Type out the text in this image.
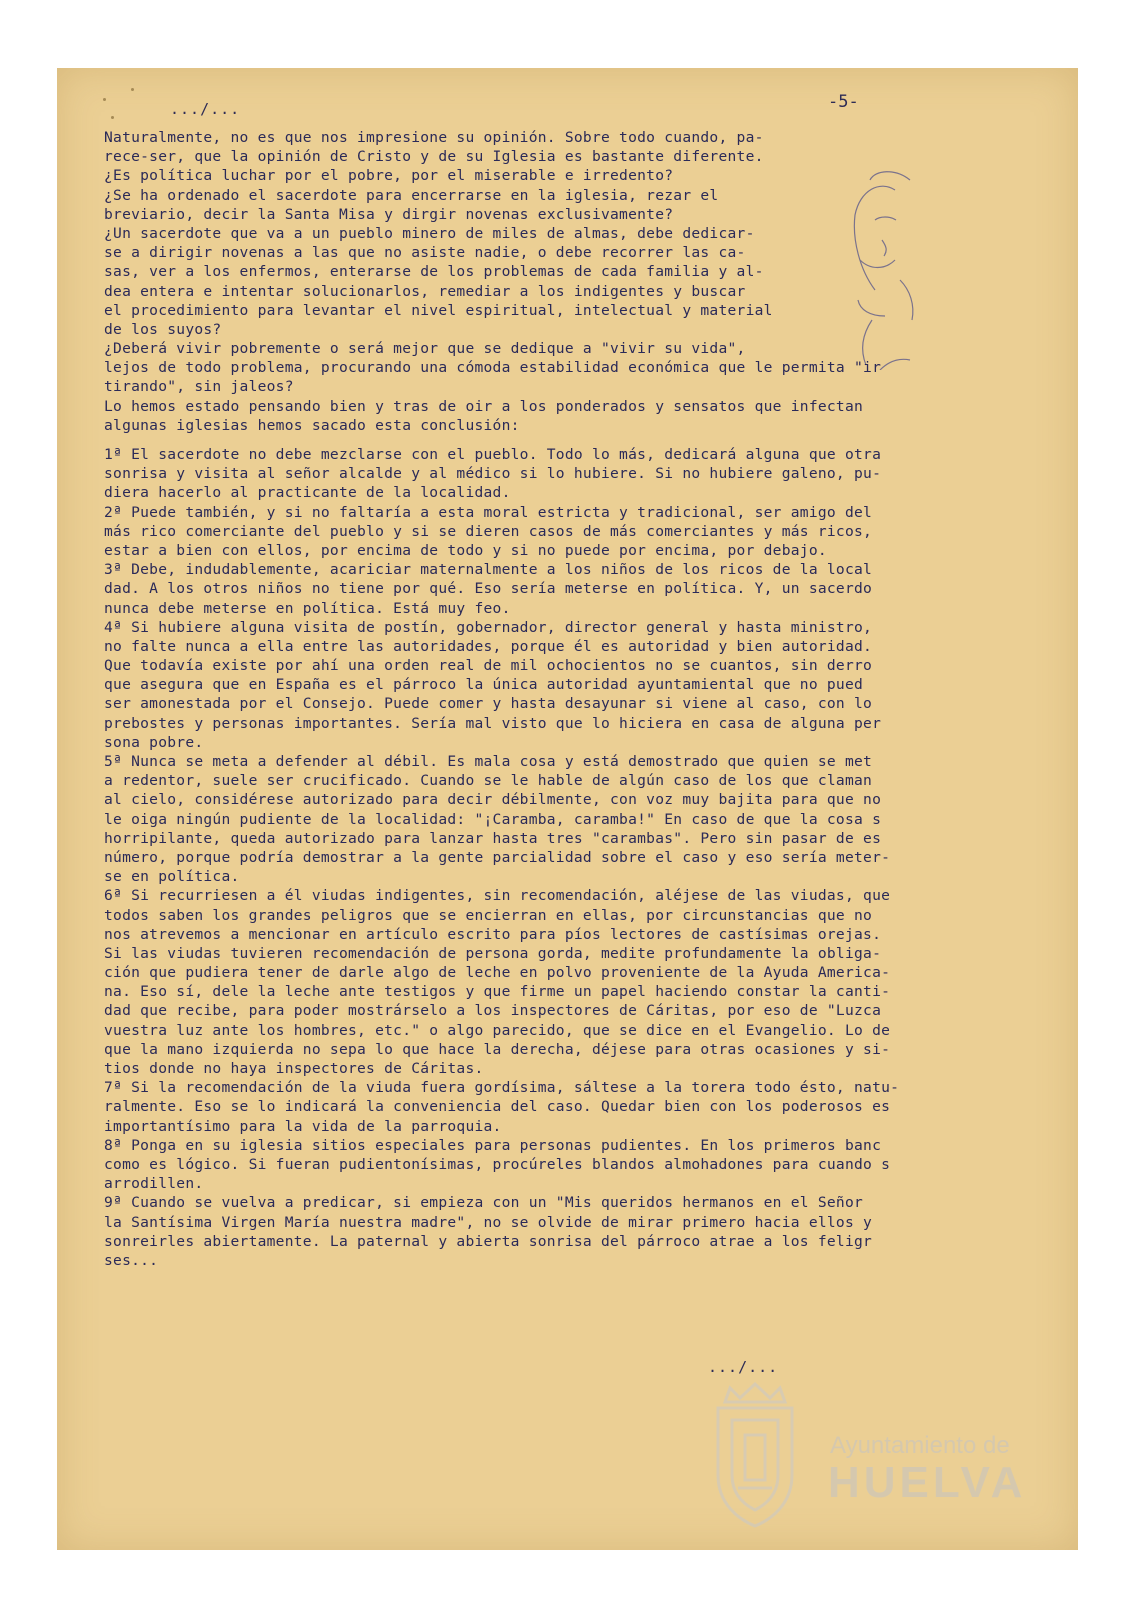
.../...	-5-
Naturalmente, no es que nos impresione su opinión. Sobre todo cuando, pa-
rece-ser, que la opinión de Cristo y de su Iglesia es bastante diferente.
¿Es política luchar por el pobre, por el miserable e irredento?
¿Se ha ordenado el sacerdote para encerrarse en la iglesia, rezar el
breviario, decir la Santa Misa y dirgir novenas exclusivamente?
¿Un sacerdote que va a un pueblo minero de miles de almas, debe dedicar-
se a dirigir novenas a las que no asiste nadie, o debe recorrer las ca-
sas, ver a los enfermos, enterarse de los problemas de cada familia y al-
dea entera e intentar solucionarlos, remediar a los indigentes y buscar
el procedimiento para levantar el nivel espiritual, intelectual y material
de los suyos?
¿Deberá vivir pobremente o será mejor que se dedique a "vivir su vida",
lejos de todo problema, procurando una cómoda estabilidad económica que le permita "ir
tirando", sin jaleos?
Lo hemos estado pensando bien y tras de oir a los ponderados y sensatos que infectan
algunas iglesias hemos sacado esta conclusión:
1ª El sacerdote no debe mezclarse con el pueblo. Todo lo más, dedicará alguna que otra
sonrisa y visita al señor alcalde y al médico si lo hubiere. Si no hubiere galeno, pu-
diera hacerlo al practicante de la localidad.
2ª Puede también, y si no faltaría a esta moral estricta y tradicional, ser amigo del
más rico comerciante del pueblo y si se dieren casos de más comerciantes y más ricos,
estar a bien con ellos, por encima de todo y si no puede por encima, por debajo.
3ª Debe, indudablemente, acariciar maternalmente a los niños de los ricos de la local
dad. A los otros niños no tiene por qué. Eso sería meterse en política. Y, un sacerdo
nunca debe meterse en política. Está muy feo.
4ª Si hubiere alguna visita de postín, gobernador, director general y hasta ministro,
no falte nunca a ella entre las autoridades, porque él es autoridad y bien autoridad.
Que todavía existe por ahí una orden real de mil ochocientos no se cuantos, sin derro
que asegura que en España es el párroco la única autoridad ayuntamiental que no pued
ser amonestada por el Consejo. Puede comer y hasta desayunar si viene al caso, con lo
prebostes y personas importantes. Sería mal visto que lo hiciera en casa de alguna per
sona pobre.
5ª Nunca se meta a defender al débil. Es mala cosa y está demostrado que quien se met
a redentor, suele ser crucificado. Cuando se le hable de algún caso de los que claman
al cielo, considérese autorizado para decir débilmente, con voz muy bajita para que no
le oiga ningún pudiente de la localidad: "¡Caramba, caramba!" En caso de que la cosa s
horripilante, queda autorizado para lanzar hasta tres "carambas". Pero sin pasar de es
número, porque podría demostrar a la gente parcialidad sobre el caso y eso sería meter-
se en política.
6ª Si recurriesen a él viudas indigentes, sin recomendación, aléjese de las viudas, que
todos saben los grandes peligros que se encierran en ellas, por circunstancias que no
nos atrevemos a mencionar en artículo escrito para píos lectores de castísimas orejas.
Si las viudas tuvieren recomendación de persona gorda, medite profundamente la obliga-
ción que pudiera tener de darle algo de leche en polvo proveniente de la Ayuda America-
na. Eso sí, dele la leche ante testigos y que firme un papel haciendo constar la canti-
dad que recibe, para poder mostrárselo a los inspectores de Cáritas, por eso de "Luzca
vuestra luz ante los hombres, etc." o algo parecido, que se dice en el Evangelio. Lo de
que la mano izquierda no sepa lo que hace la derecha, déjese para otras ocasiones y si-
tios donde no haya inspectores de Cáritas.
7ª Si la recomendación de la viuda fuera gordísima, sáltese a la torera todo ésto, natu-
ralmente. Eso se lo indicará la conveniencia del caso. Quedar bien con los poderosos es
importantísimo para la vida de la parroquia.
8ª Ponga en su iglesia sitios especiales para personas pudientes. En los primeros banc
como es lógico. Si fueran pudientonísimas, procúreles blandos almohadones para cuando s
arrodillen.
9ª Cuando se vuelva a predicar, si empieza con un "Mis queridos hermanos en el Señor
la Santísima Virgen María nuestra madre", no se olvide de mirar primero hacia ellos y
sonreirles abiertamente. La paternal y abierta sonrisa del párroco atrae a los feligr
ses...
.../...
Ayuntamiento de
HUELVA
